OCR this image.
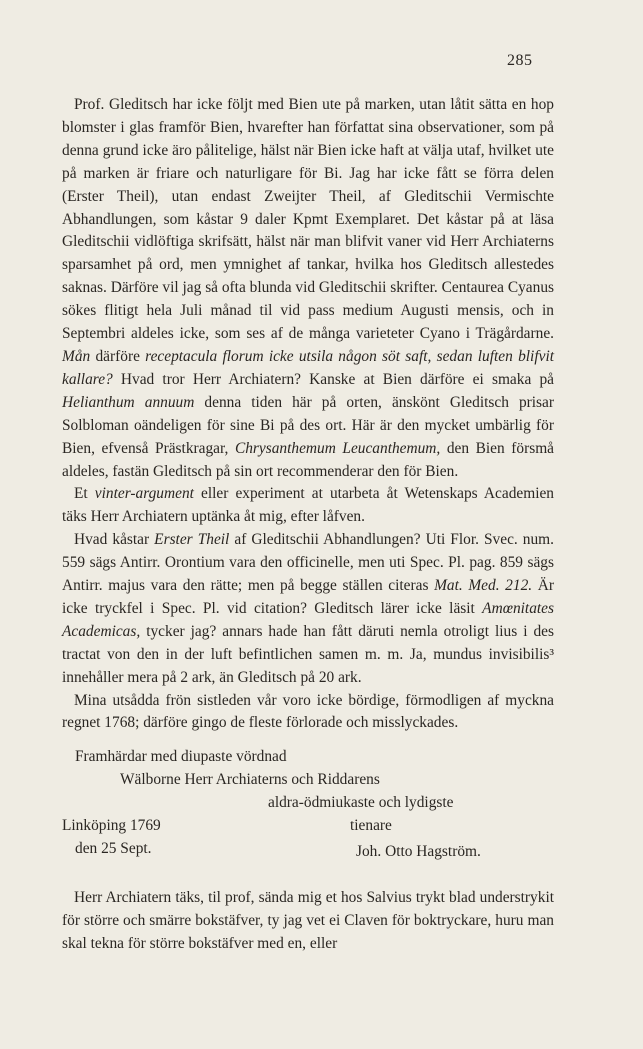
285

Prof. Gleditsch har icke följt med Bien ute på marken, utan låtit sätta en hop blomster i glas framför Bien, hvarefter han författat sina observationer, som på denna grund icke äro pålitelige, hälst när Bien icke haft at välja utaf, hvilket ute på marken är friare och naturligare för Bi. Jag har icke fått se förra delen (Erster Theil), utan endast Zweijter Theil, af Gleditschii Vermischte Abhandlungen, som kåstar 9 daler Kpmt Exemplaret. Det kåstar på at läsa Gleditschii vidlöftiga skrifsätt, hälst när man blifvit vaner vid Herr Archiaterns sparsamhet på ord, men ymnighet af tankar, hvilka hos Gleditsch allestedes saknas. Därföre vil jag så ofta blunda vid Gleditschii skrifter. Centaurea Cyanus sökes flitigt hela Juli månad til vid pass medium Augusti mensis, och in Septembri aldeles icke, som ses af de många varieteter Cyano i Trägårdarne. Mån därföre receptacula florum icke utsila någon söt saft, sedan luften blifvit kallare? Hvad tror Herr Archiatern? Kanske at Bien därföre ei smaka på Helianthum annuum denna tiden här på orten, änskönt Gleditsch prisar Solbloman oändeligen för sine Bi på des ort. Här är den mycket umbärlig för Bien, efvenså Prästkragar, Chrysanthemum Leucanthemum, den Bien försmå aldeles, fastän Gleditsch på sin ort recommenderar den för Bien.

Et vinter-argument eller experiment at utarbeta åt Wetenskaps Academien täks Herr Archiatern uptänka åt mig, efter låfven.

Hvad kåstar Erster Theil af Gleditschii Abhandlungen? Uti Flor. Svec. num. 559 sägs Antirr. Orontium vara den officinelle, men uti Spec. Pl. pag. 859 sägs Antirr. majus vara den rätte; men på begge ställen citeras Mat. Med. 212. Är icke tryckfel i Spec. Pl. vid citation? Gleditsch lärer icke läsit Amœnitates Academicas, tycker jag? annars hade han fått däruti nemla otroligt lius i des tractat von den in der luft befintlichen samen m. m. Ja, mundus invisibilis³ innehåller mera på 2 ark, än Gleditsch på 20 ark.

Mina utsådda frön sistleden vår voro icke bördige, förmodligen af myckna regnet 1768; därföre gingo de fleste förlorade och misslyckades.

Framhärdar med diupaste vördnad
Wälborne Herr Archiaterns och Riddarens
aldra-ödmiukaste och lydigste
Linköping 1769	tienare
den 25 Sept.	Joh. Otto Hagström.

Herr Archiatern täks, til prof, sända mig et hos Salvius trykt blad understrykit för större och smärre bokstäfver, ty jag vet ei Claven för boktryckare, huru man skal tekna för större bokstäfver med en, eller
